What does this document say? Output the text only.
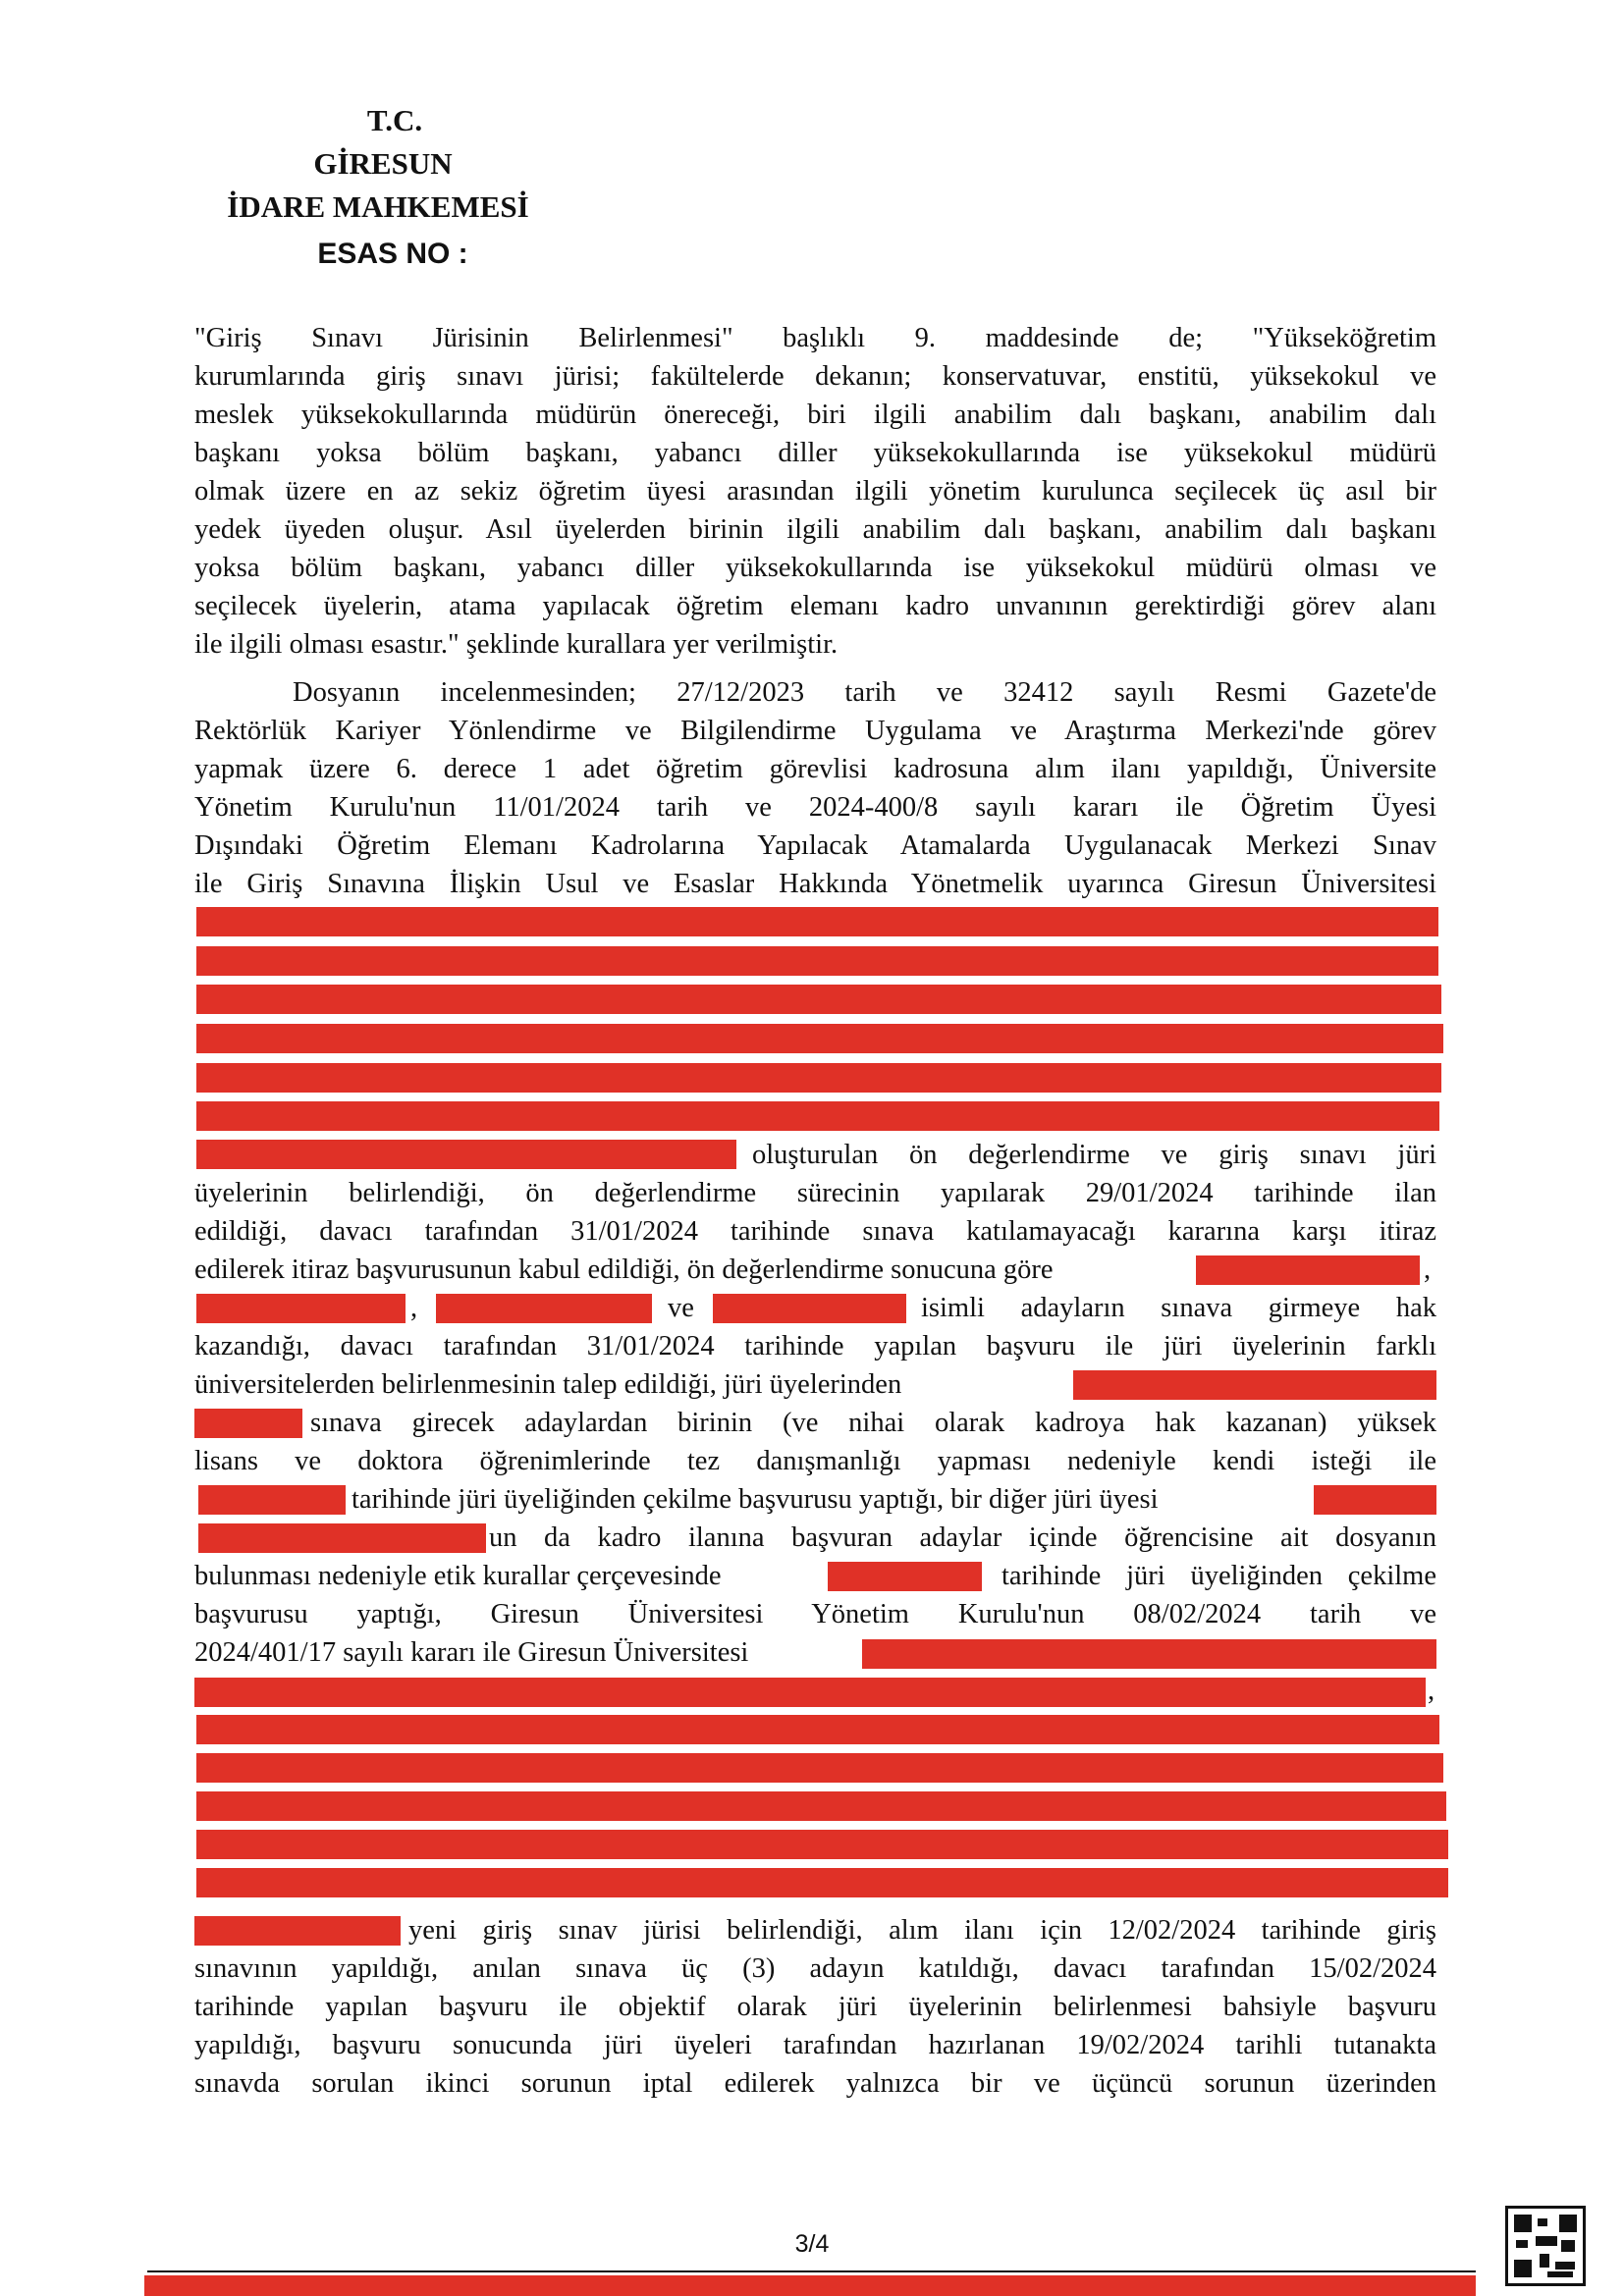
T.C.
GİRESUN
İDARE MAHKEMESİ
ESAS NO :
"Giriş Sınavı Jürisinin Belirlenmesi" başlıklı 9. maddesinde de; "Yükseköğretim
kurumlarında giriş sınavı jürisi; fakültelerde dekanın; konservatuvar, enstitü, yüksekokul ve
meslek yüksekokullarında müdürün önereceği, biri ilgili anabilim dalı başkanı, anabilim dalı
başkanı yoksa bölüm başkanı, yabancı diller yüksekokullarında ise yüksekokul müdürü
olmak üzere en az sekiz öğretim üyesi arasından ilgili yönetim kurulunca seçilecek üç asıl bir
yedek üyeden oluşur. Asıl üyelerden birinin ilgili anabilim dalı başkanı, anabilim dalı başkanı
yoksa bölüm başkanı, yabancı diller yüksekokullarında ise yüksekokul müdürü olması ve
seçilecek üyelerin, atama yapılacak öğretim elemanı kadro unvanının gerektirdiği görev alanı
ile ilgili olması esastır." şeklinde kurallara yer verilmiştir.
Dosyanın incelenmesinden; 27/12/2023 tarih ve 32412 sayılı Resmi Gazete'de
Rektörlük Kariyer Yönlendirme ve Bilgilendirme Uygulama ve Araştırma Merkezi'nde görev
yapmak üzere 6. derece 1 adet öğretim görevlisi kadrosuna alım ilanı yapıldığı, Üniversite
Yönetim Kurulu'nun 11/01/2024 tarih ve 2024-400/8 sayılı kararı ile Öğretim Üyesi
Dışındaki Öğretim Elemanı Kadrolarına Yapılacak Atamalarda Uygulanacak Merkezi Sınav
ile Giriş Sınavına İlişkin Usul ve Esaslar Hakkında Yönetmelik uyarınca Giresun Üniversitesi
oluşturulan ön değerlendirme ve giriş sınavı jüri
üyelerinin belirlendiği, ön değerlendirme sürecinin yapılarak 29/01/2024 tarihinde ilan
edildiği, davacı tarafından 31/01/2024 tarihinde sınava katılamayacağı kararına karşı itiraz
edilerek itiraz başvurusunun kabul edildiği, ön değerlendirme sonucuna göre	,
,	ve	isimli adayların sınava girmeye hak
kazandığı, davacı tarafından 31/01/2024 tarihinde yapılan başvuru ile jüri üyelerinin farklı
üniversitelerden belirlenmesinin talep edildiği, jüri üyelerinden
sınava girecek adaylardan birinin (ve nihai olarak kadroya hak kazanan) yüksek
lisans ve doktora öğrenimlerinde tez danışmanlığı yapması nedeniyle kendi isteği ile
tarihinde jüri üyeliğinden çekilme başvurusu yaptığı, bir diğer jüri üyesi
un da kadro ilanına başvuran adaylar içinde öğrencisine ait dosyanın
bulunması nedeniyle etik kurallar çerçevesinde	tarihinde jüri üyeliğinden çekilme
başvurusu yaptığı, Giresun Üniversitesi Yönetim Kurulu'nun 08/02/2024 tarih ve
2024/401/17 sayılı kararı ile Giresun Üniversitesi
,
yeni giriş sınav jürisi belirlendiği, alım ilanı için 12/02/2024 tarihinde giriş
sınavının yapıldığı, anılan sınava üç (3) adayın katıldığı, davacı tarafından 15/02/2024
tarihinde yapılan başvuru ile objektif olarak jüri üyelerinin belirlenmesi bahsiyle başvuru
yapıldığı, başvuru sonucunda jüri üyeleri tarafından hazırlanan 19/02/2024 tarihli tutanakta
sınavda sorulan ikinci sorunun iptal edilerek yalnızca bir ve üçüncü sorunun üzerinden
3/4
